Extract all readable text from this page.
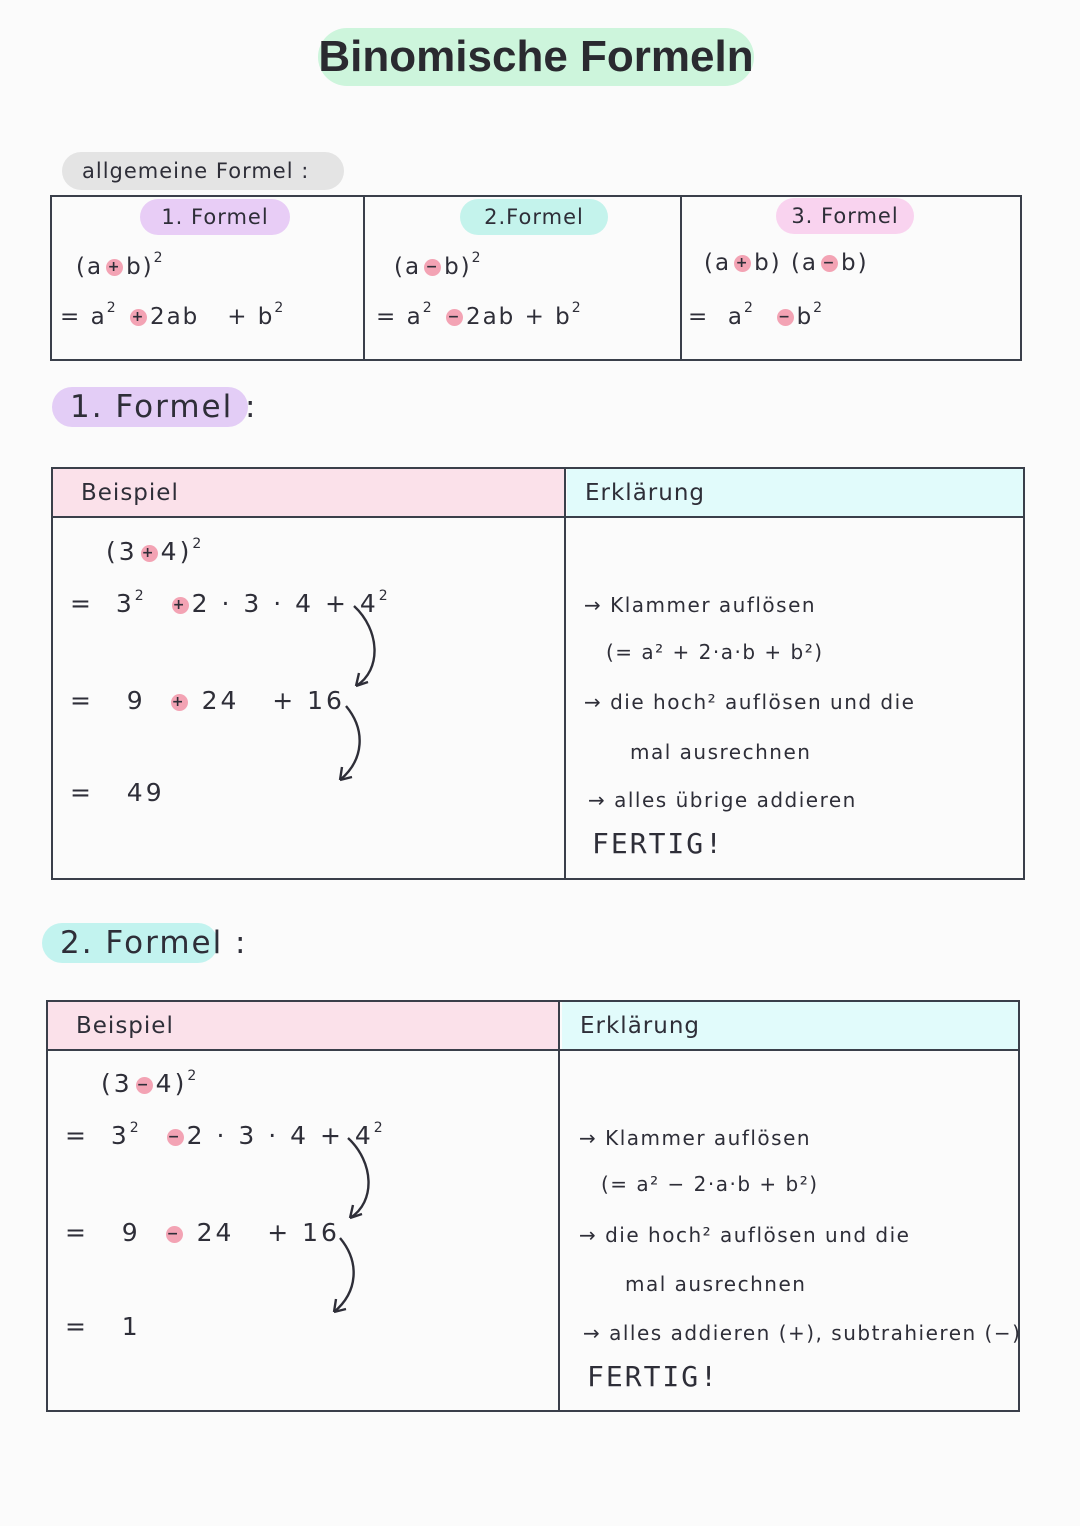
Binomische Formeln
allgemeine Formel :
1. Formel
$(a + b)^2$
= $a^2 + 2ab + b^2$
2.Formel
$(a - b)^2$
= $a^2 - 2ab + b^2$
3. Formel
(a + b) (a − b)
= $a^2 - b^2$
1. Formel :
Beispiel	Erklärung
$(3 + 4)^2$
= $3^2 + 2 \cdot 3 \cdot 4 + 4^2$
= 9 + 24 + 16
= 49
→ Klammer auflösen
(= a² + 2·a·b + b²)
→ die hoch² auflösen und die
mal ausrechnen
→ alles übrige addieren
FERTIG!
2. Formel :
Beispiel	Erklärung
$(3 - 4)^2$
= $3^2 - 2 \cdot 3 \cdot 4 + 4^2$
= 9 − 24 + 16
= 1
→ Klammer auflösen
(= a² − 2·a·b + b²)
→ die hoch² auflösen und die
mal ausrechnen
→ alles addieren (+), subtrahieren (−)
FERTIG!
